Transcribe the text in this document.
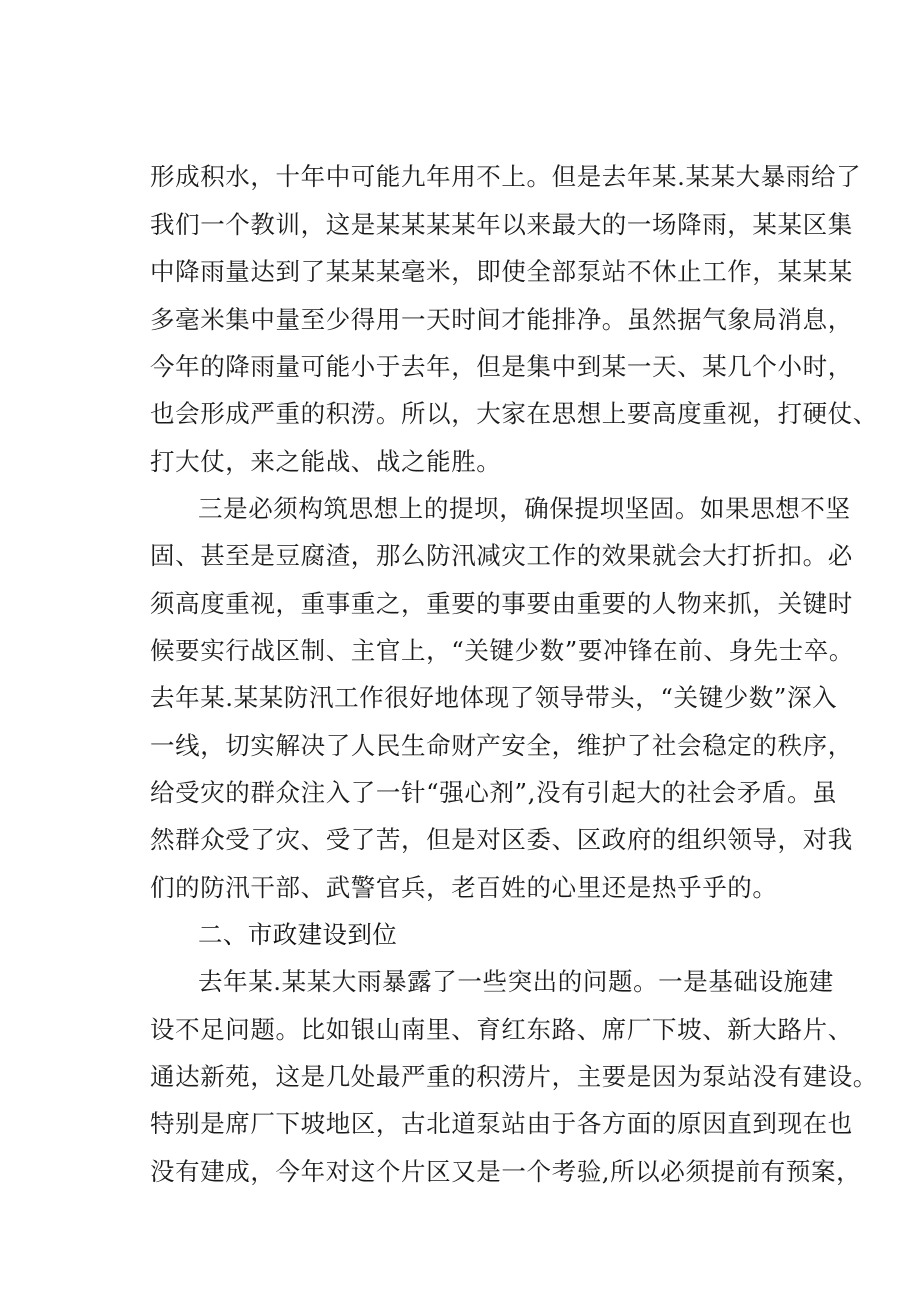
形成积水，十年中可能九年用不上。但是去年某.某某大暴雨给了
我们一个教训，这是某某某某年以来最大的一场降雨，某某区集
中降雨量达到了某某某毫米，即使全部泵站不休止工作，某某某
多毫米集中量至少得用一天时间才能排净。虽然据气象局消息，
今年的降雨量可能小于去年，但是集中到某一天、某几个小时，
也会形成严重的积涝。所以，大家在思想上要高度重视，打硬仗、
打大仗，来之能战、战之能胜。
三是必须构筑思想上的提坝，确保提坝坚固。如果思想不坚
固、甚至是豆腐渣，那么防汛减灾工作的效果就会大打折扣。必
须高度重视，重事重之，重要的事要由重要的人物来抓，关键时
候要实行战区制、主官上，“关键少数”要冲锋在前、身先士卒。
去年某.某某防汛工作很好地体现了领导带头，“关键少数”深入
一线，切实解决了人民生命财产安全，维护了社会稳定的秩序，
给受灾的群众注入了一针“强心剂”,没有引起大的社会矛盾。虽
然群众受了灾、受了苦，但是对区委、区政府的组织领导，对我
们的防汛干部、武警官兵，老百姓的心里还是热乎乎的。
二、市政建设到位
去年某.某某大雨暴露了一些突出的问题。一是基础设施建
设不足问题。比如银山南里、育红东路、席厂下坡、新大路片、
通达新苑，这是几处最严重的积涝片，主要是因为泵站没有建设。
特别是席厂下坡地区，古北道泵站由于各方面的原因直到现在也
没有建成，今年对这个片区又是一个考验,所以必须提前有预案，
